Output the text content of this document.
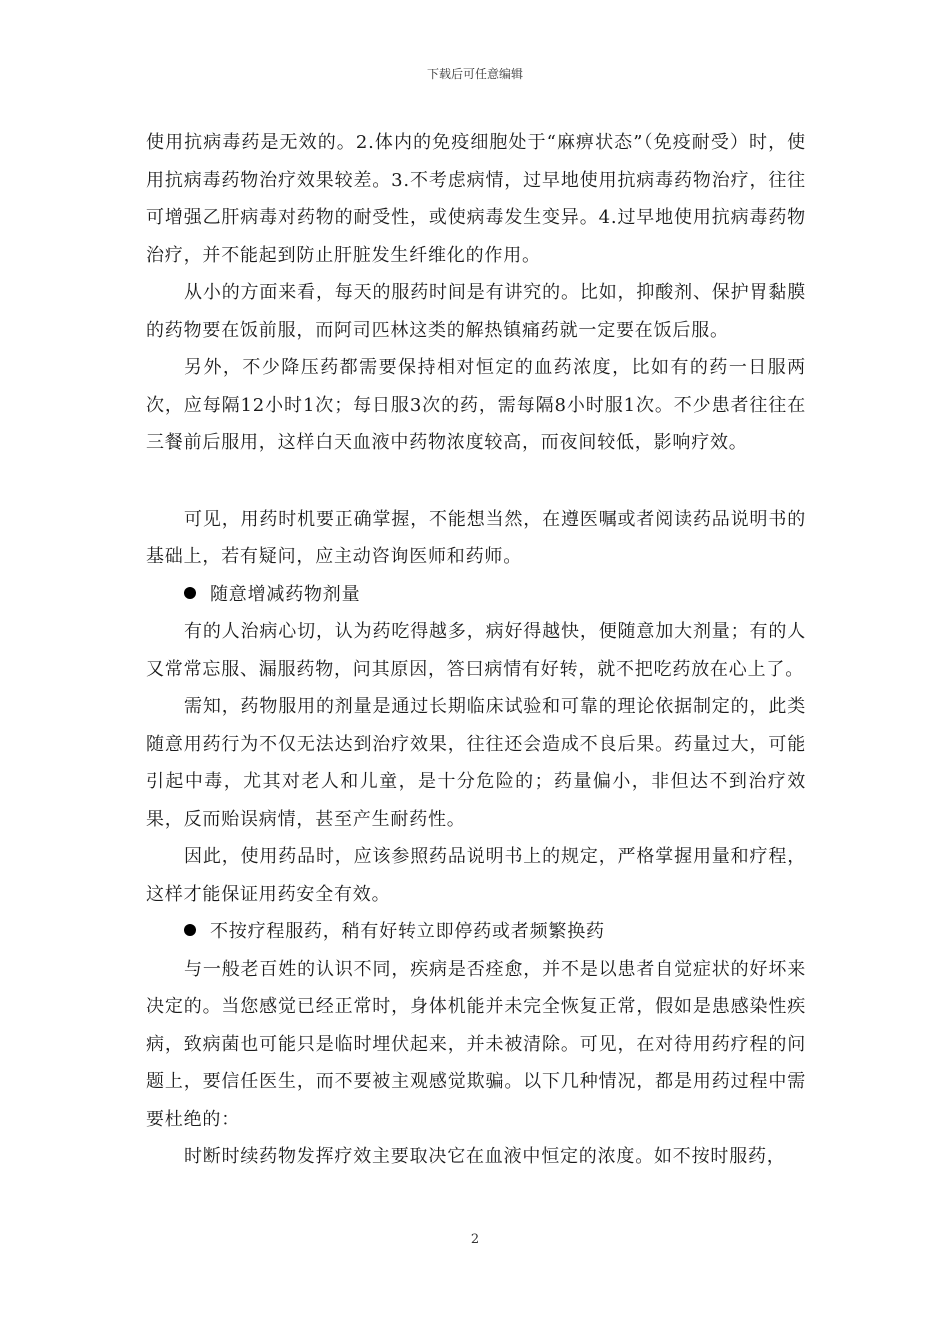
下载后可任意编辑

使用抗病毒药是无效的。2.体内的免疫细胞处于“麻痹状态”（免疫耐受）时，使用抗病毒药物治疗效果较差。3.不考虑病情，过早地使用抗病毒药物治疗，往往可增强乙肝病毒对药物的耐受性，或使病毒发生变异。4.过早地使用抗病毒药物治疗，并不能起到防止肝脏发生纤维化的作用。

从小的方面来看，每天的服药时间是有讲究的。比如，抑酸剂、保护胃黏膜的药物要在饭前服，而阿司匹林这类的解热镇痛药就一定要在饭后服。

另外，不少降压药都需要保持相对恒定的血药浓度，比如有的药一日服两次，应每隔12小时1次；每日服3次的药，需每隔8小时服1次。不少患者往往在三餐前后服用，这样白天血液中药物浓度较高，而夜间较低，影响疗效。

可见，用药时机要正确掌握，不能想当然，在遵医嘱或者阅读药品说明书的基础上，若有疑问，应主动咨询医师和药师。

随意增减药物剂量

有的人治病心切，认为药吃得越多，病好得越快，便随意加大剂量；有的人又常常忘服、漏服药物，问其原因，答曰病情有好转，就不把吃药放在心上了。

需知，药物服用的剂量是通过长期临床试验和可靠的理论依据制定的，此类随意用药行为不仅无法达到治疗效果，往往还会造成不良后果。药量过大，可能引起中毒，尤其对老人和儿童，是十分危险的；药量偏小，非但达不到治疗效果，反而贻误病情，甚至产生耐药性。

因此，使用药品时，应该参照药品说明书上的规定，严格掌握用量和疗程，这样才能保证用药安全有效。

不按疗程服药，稍有好转立即停药或者频繁换药

与一般老百姓的认识不同，疾病是否痊愈，并不是以患者自觉症状的好坏来决定的。当您感觉已经正常时，身体机能并未完全恢复正常，假如是患感染性疾病，致病菌也可能只是临时埋伏起来，并未被清除。可见，在对待用药疗程的问题上，要信任医生，而不要被主观感觉欺骗。以下几种情况，都是用药过程中需要杜绝的：

时断时续药物发挥疗效主要取决它在血液中恒定的浓度。如不按时服药，

2
